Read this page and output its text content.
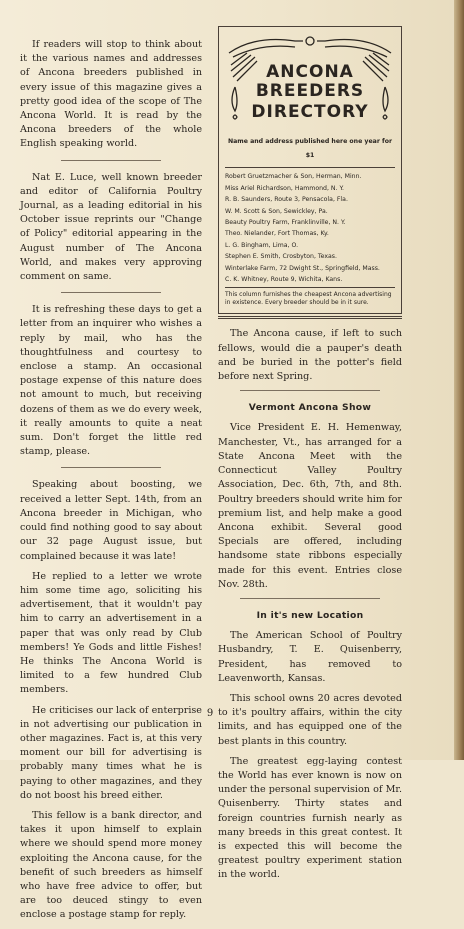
If readers will stop to think about it the various names and addresses of Ancona breeders published in every issue of this magazine gives a pretty good idea of the scope of The Ancona World. It is read by the Ancona breeders of the whole English speaking world.

Nat E. Luce, well known breeder and editor of California Poultry Journal, as a leading editorial in his October issue reprints our "Change of Policy" editorial appearing in the August number of The Ancona World, and makes very approving comment on same.

It is refreshing these days to get a letter from an inquirer who wishes a reply by mail, who has the thoughtfulness and courtesy to enclose a stamp. An occasional postage expense of this nature does not amount to much, but receiving dozens of them as we do every week, it really amounts to quite a neat sum. Don't forget the little red stamp, please.

Speaking about boosting, we received a letter Sept. 14th, from an Ancona breeder in Michigan, who could find nothing good to say about our 32 page August issue, but complained because it was late!

He replied to a letter we wrote him some time ago, soliciting his advertisement, that it wouldn't pay him to carry an advertisement in a paper that was only read by Club members! Ye Gods and little Fishes! He thinks The Ancona World is limited to a few hundred Club members.

He criticises our lack of enterprise in not advertising our publication in other magazines. Fact is, at this very moment our bill for advertising is probably many times what he is paying to other magazines, and they do not boost his breed either.

This fellow is a bank director, and takes it upon himself to explain where we should spend more money exploiting the Ancona cause, for the benefit of such breeders as himself who have free advice to offer, but are too deuced stingy to even enclose a postage stamp for reply.

ANCONA
BREEDERS
DIRECTORY
Name and address published here one year for $1
Robert Gruetzmacher & Son, Herman, Minn.
Miss Ariel Richardson, Hammond, N. Y.
R. B. Saunders, Route 3, Pensacola, Fla.
W. M. Scott & Son, Sewickley, Pa.
Beauty Poultry Farm, Franklinville, N. Y.
Theo. Nielander, Fort Thomas, Ky.
L. G. Bingham, Lima, O.
Stephen E. Smith, Crosbyton, Texas.
Winterlake Farm, 72 Dwight St., Springfield, Mass.
C. K. Whitney, Route 9, Wichita, Kans.
This column furnishes the cheapest Ancona advertising in existence. Every breeder should be in it sure.

The Ancona cause, if left to such fellows, would die a pauper's death and be buried in the potter's field before next Spring.

Vermont Ancona Show

Vice President E. H. Hemenway, Manchester, Vt., has arranged for a State Ancona Meet with the Connecticut Valley Poultry Association, Dec. 6th, 7th, and 8th. Poultry breeders should write him for premium list, and help make a good Ancona exhibit. Several good Specials are offered, including handsome state ribbons especially made for this event. Entries close Nov. 28th.

In it's new Location

The American School of Poultry Husbandry, T. E. Quisenberry, President, has removed to Leavenworth, Kansas.

This school owns 20 acres devoted to it's poultry affairs, within the city limits, and has equipped one of the best plants in this country.

The greatest egg-laying contest the World has ever known is now on under the personal supervision of Mr. Quisenberry. Thirty states and foreign countries furnish nearly as many breeds in this great contest. It is expected this will become the greatest poultry experiment station in the world.

9
